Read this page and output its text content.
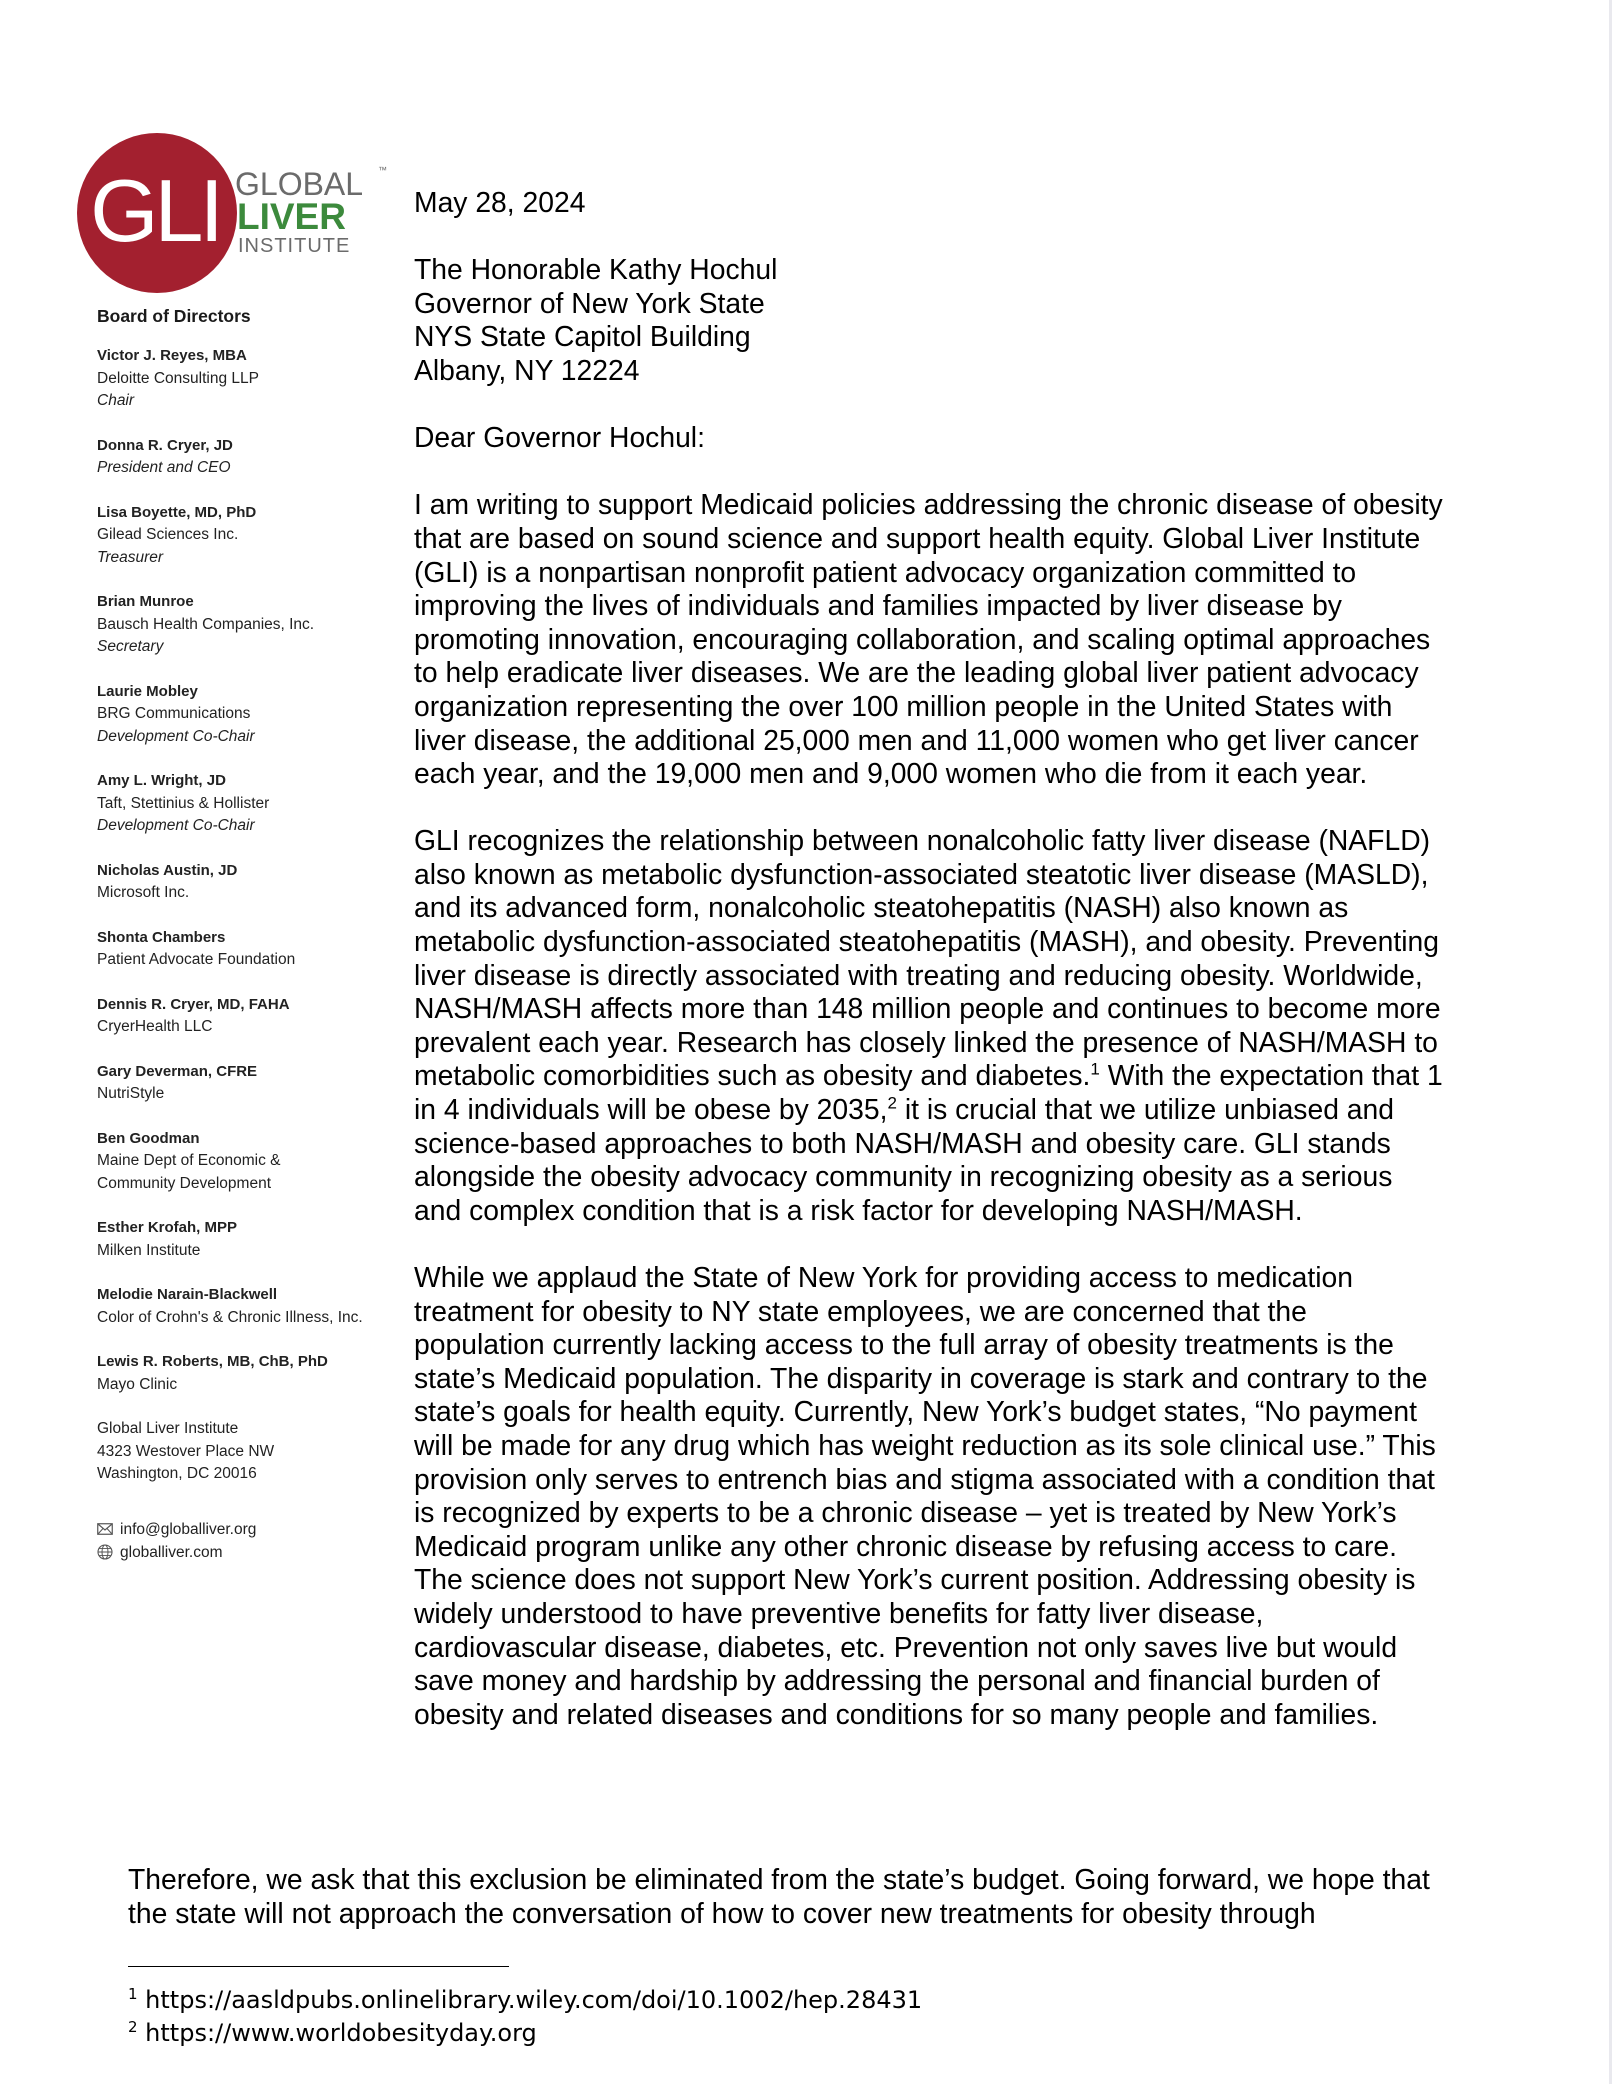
GLI GLOBAL ™
LIVER
INSTITUTE
Board of Directors
Victor J. Reyes, MBA
Deloitte Consulting LLP
Chair
Donna R. Cryer, JD
President and CEO
Lisa Boyette, MD, PhD
Gilead Sciences Inc.
Treasurer
Brian Munroe
Bausch Health Companies, Inc.
Secretary
Laurie Mobley
BRG Communications
Development Co-Chair
Amy L. Wright, JD
Taft, Stettinius & Hollister
Development Co-Chair
Nicholas Austin, JD
Microsoft Inc.
Shonta Chambers
Patient Advocate Foundation
Dennis R. Cryer, MD, FAHA
CryerHealth LLC
Gary Deverman, CFRE
NutriStyle
Ben Goodman
Maine Dept of Economic & Community Development
Esther Krofah, MPP
Milken Institute
Melodie Narain-Blackwell
Color of Crohn's & Chronic Illness, Inc.
Lewis R. Roberts, MB, ChB, PhD
Mayo Clinic
Global Liver Institute
4323 Westover Place NW
Washington, DC 20016
info@globalliver.org
globalliver.com

May 28, 2024

The Honorable Kathy Hochul

Governor of New York State

NYS State Capitol Building

Albany, NY 12224

Dear Governor Hochul:

I am writing to support Medicaid policies addressing the chronic disease of obesity that are based on sound science and support health equity. Global Liver Institute (GLI) is a nonpartisan nonprofit patient advocacy organization committed to improving the lives of individuals and families impacted by liver disease by promoting innovation, encouraging collaboration, and scaling optimal approaches to help eradicate liver diseases. We are the leading global liver patient advocacy organization representing the over 100 million people in the United States with liver disease, the additional 25,000 men and 11,000 women who get liver cancer each year, and the 19,000 men and 9,000 women who die from it each year.

GLI recognizes the relationship between nonalcoholic fatty liver disease (NAFLD) also known as metabolic dysfunction-associated steatotic liver disease (MASLD), and its advanced form, nonalcoholic steatohepatitis (NASH) also known as metabolic dysfunction-associated steatohepatitis (MASH), and obesity. Preventing liver disease is directly associated with treating and reducing obesity. Worldwide, NASH/MASH affects more than 148 million people and continues to become more prevalent each year. Research has closely linked the presence of NASH/MASH to metabolic comorbidities such as obesity and diabetes.$^1$ With the expectation that 1 in 4 individuals will be obese by 2035,$^2$ it is crucial that we utilize unbiased and science-based approaches to both NASH/MASH and obesity care. GLI stands alongside the obesity advocacy community in recognizing obesity as a serious and complex condition that is a risk factor for developing NASH/MASH.

While we applaud the State of New York for providing access to medication treatment for obesity to NY state employees, we are concerned that the population currently lacking access to the full array of obesity treatments is the state’s Medicaid population. The disparity in coverage is stark and contrary to the state’s goals for health equity. Currently, New York’s budget states, “No payment will be made for any drug which has weight reduction as its sole clinical use.” This provision only serves to entrench bias and stigma associated with a condition that is recognized by experts to be a chronic disease – yet is treated by New York’s Medicaid program unlike any other chronic disease by refusing access to care. The science does not support New York’s current position. Addressing obesity is widely understood to have preventive benefits for fatty liver disease, cardiovascular disease, diabetes, etc. Prevention not only saves live but would save money and hardship by addressing the personal and financial burden of obesity and related diseases and conditions for so many people and families.

Therefore, we ask that this exclusion be eliminated from the state’s budget. Going forward, we hope that the state will not approach the conversation of how to cover new treatments for obesity through

$^1$ https://aasldpubs.onlinelibrary.wiley.com/doi/10.1002/hep.28431
$^2$ https://www.worldobesityday.org
